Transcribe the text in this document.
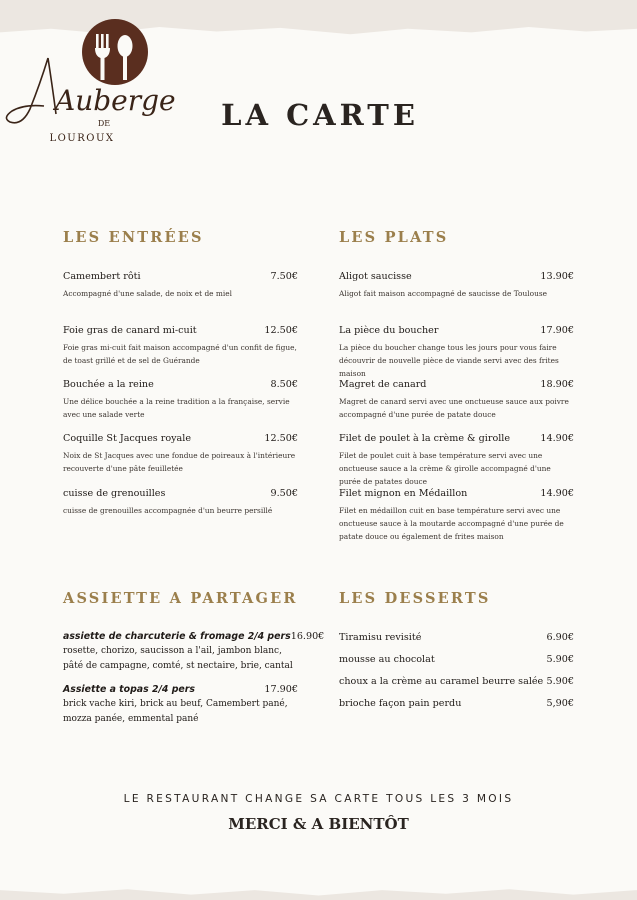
Auberge
DE
LOUROUX
LA CARTE
LES ENTRÉES
Camembert rôti	7.50€
Accompagné d'une salade, de noix et de miel
Foie gras de canard mi-cuit	12.50€
Foie gras mi-cuit fait maison accompagné d'un confit de figue, de toast grillé et de sel de Guérande
Bouchée a la reine	8.50€
Une délice bouchée a la reine tradition a la française, servie avec une salade verte
Coquille St Jacques royale	12.50€
Noix de St Jacques avec une fondue de poireaux à l'intérieure recouverte d'une pâte feuilletée
cuisse de grenouilles	9.50€
cuisse de grenouilles accompagnée d'un beurre persillé
LES PLATS
Aligot saucisse	13.90€
Aligot fait maison accompagné de saucisse de Toulouse
La pièce du boucher	17.90€
La pièce du boucher change tous les jours pour vous faire découvrir de nouvelle pièce de viande servi avec des frites maison
Magret de canard	18.90€
Magret de canard servi avec une onctueuse sauce aux poivre accompagné d'une purée de patate douce
Filet de poulet à la crème & girolle	14.90€
Filet de poulet cuit à base température servi avec une onctueuse sauce a la crème & girolle accompagné d'une purée de patates douce
Filet mignon en Médaillon	14.90€
Filet en médaillon cuit en base température servi avec une onctueuse sauce à la moutarde accompagné d'une purée de patate douce ou également de frites maison
ASSIETTE A PARTAGER
assiette de charcuterie & fromage 2/4 pers 16.90€
rosette, chorizo, saucisson a l'ail, jambon blanc, pâté de campagne, comté, st nectaire, brie, cantal
Assiette a topas 2/4 pers	17.90€
brick vache kiri, brick au beuf, Camembert pané, mozza panée, emmental pané
LES DESSERTS
Tiramisu revisité	6.90€
mousse au chocolat	5.90€
choux a la crème au caramel beurre salée 5.90€
brioche façon pain perdu	5,90€

LE RESTAURANT CHANGE SA CARTE TOUS LES 3 MOIS

MERCI & A BIENTÔT
